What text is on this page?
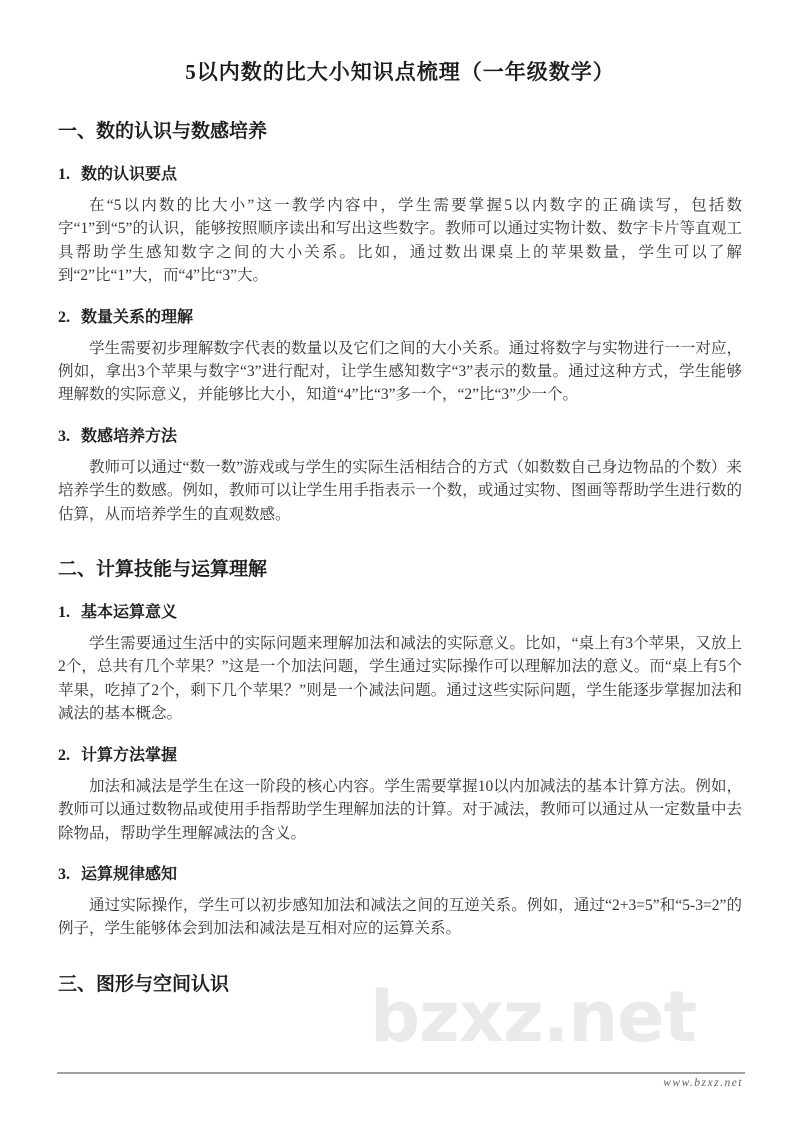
bzxz.net
5以内数的比大小知识点梳理（一年级数学）
一、数的认识与数感培养
1. 数的认识要点

在“5以内数的比大小”这一教学内容中，学生需要掌握5以内数字的正确读写，包括数字“1”到“5”的认识，能够按照顺序读出和写出这些数字。教师可以通过实物计数、数字卡片等直观工具帮助学生感知数字之间的大小关系。比如，通过数出课桌上的苹果数量，学生可以了解到“2”比“1”大，而“4”比“3”大。

2. 数量关系的理解

学生需要初步理解数字代表的数量以及它们之间的大小关系。通过将数字与实物进行一一对应，例如，拿出3个苹果与数字“3”进行配对，让学生感知数字“3”表示的数量。通过这种方式，学生能够理解数的实际意义，并能够比大小，知道“4”比“3”多一个，“2”比“3”少一个。

3. 数感培养方法

教师可以通过“数一数”游戏或与学生的实际生活相结合的方式（如数数自己身边物品的个数）来培养学生的数感。例如，教师可以让学生用手指表示一个数，或通过实物、图画等帮助学生进行数的估算，从而培养学生的直观数感。

二、计算技能与运算理解
1. 基本运算意义

学生需要通过生活中的实际问题来理解加法和减法的实际意义。比如，“桌上有3个苹果，又放上2个，总共有几个苹果？”这是一个加法问题，学生通过实际操作可以理解加法的意义。而“桌上有5个苹果，吃掉了2个，剩下几个苹果？”则是一个减法问题。通过这些实际问题，学生能逐步掌握加法和减法的基本概念。

2. 计算方法掌握

加法和减法是学生在这一阶段的核心内容。学生需要掌握10以内加减法的基本计算方法。例如，教师可以通过数物品或使用手指帮助学生理解加法的计算。对于减法，教师可以通过从一定数量中去除物品，帮助学生理解减法的含义。

3. 运算规律感知

通过实际操作，学生可以初步感知加法和减法之间的互逆关系。例如，通过“2+3=5”和“5-3=2”的例子，学生能够体会到加法和减法是互相对应的运算关系。

三、图形与空间认识
www.bzxz.net
